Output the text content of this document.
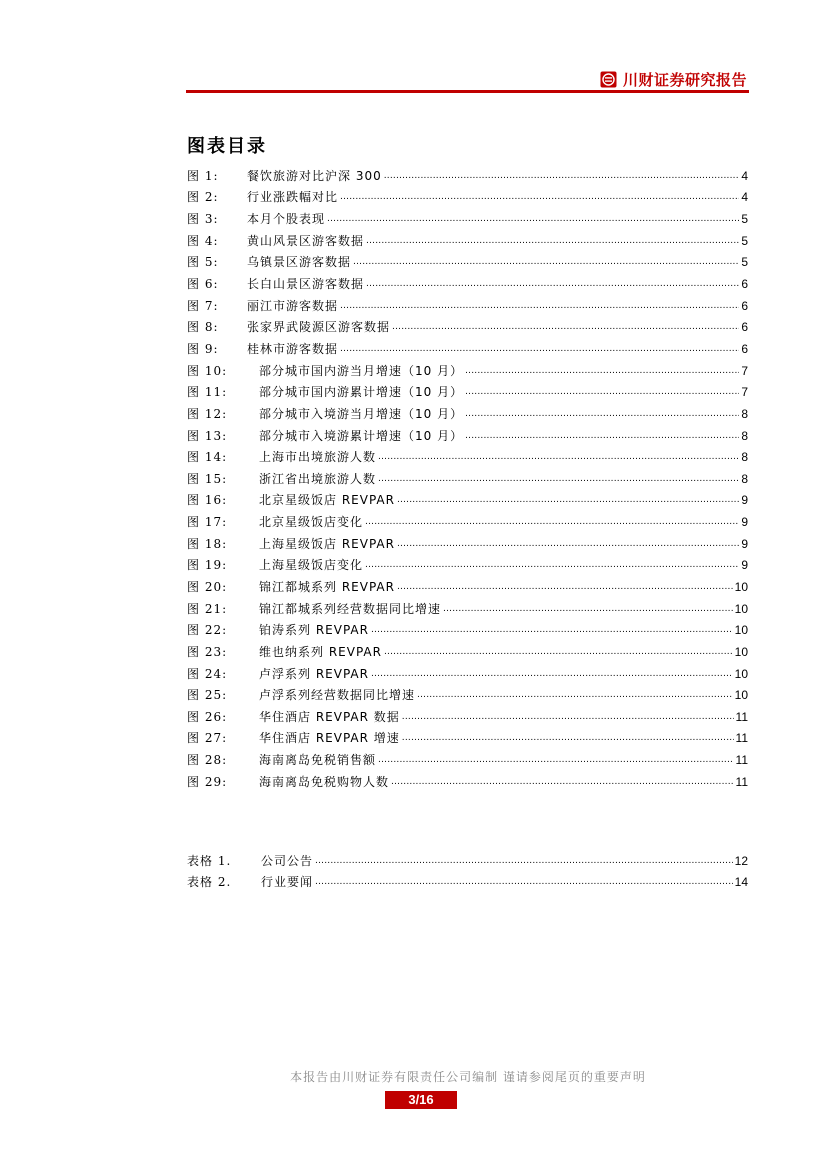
川财证券研究报告
图表目录
图 1:	餐饮旅游对比沪深 300 .....	4
图 2:	行业涨跌幅对比 .....	4
图 3:	本月个股表现 .....	5
图 4:	黄山风景区游客数据 .....	5
图 5:	乌镇景区游客数据 .....	5
图 6:	长白山景区游客数据 .....	6
图 7:	丽江市游客数据 .....	6
图 8:	张家界武陵源区游客数据 .....	6
图 9:	桂林市游客数据 .....	6
图 10:	部分城市国内游当月增速（10 月） .....	7
图 11:	部分城市国内游累计增速（10 月） .....	7
图 12:	部分城市入境游当月增速（10 月） .....	8
图 13:	部分城市入境游累计增速（10 月） .....	8
图 14:	上海市出境旅游人数 .....	8
图 15:	浙江省出境旅游人数 .....	8
图 16:	北京星级饭店 REVPAR .....	9
图 17:	北京星级饭店变化 .....	9
图 18:	上海星级饭店 REVPAR .....	9
图 19:	上海星级饭店变化 .....	9
图 20:	锦江都城系列 REVPAR .....	10
图 21:	锦江都城系列经营数据同比增速 .....	10
图 22:	铂涛系列 REVPAR .....	10
图 23:	维也纳系列 REVPAR .....	10
图 24:	卢浮系列 REVPAR .....	10
图 25:	卢浮系列经营数据同比增速 .....	10
图 26:	华住酒店 REVPAR 数据 .....	11
图 27:	华住酒店 REVPAR 增速 .....	11
图 28:	海南离岛免税销售额 .....	11
图 29:	海南离岛免税购物人数 .....	11
表格 1.	公司公告 .....	12
表格 2.	行业要闻 .....	14
本报告由川财证券有限责任公司编制 谨请参阅尾页的重要声明
3/16
